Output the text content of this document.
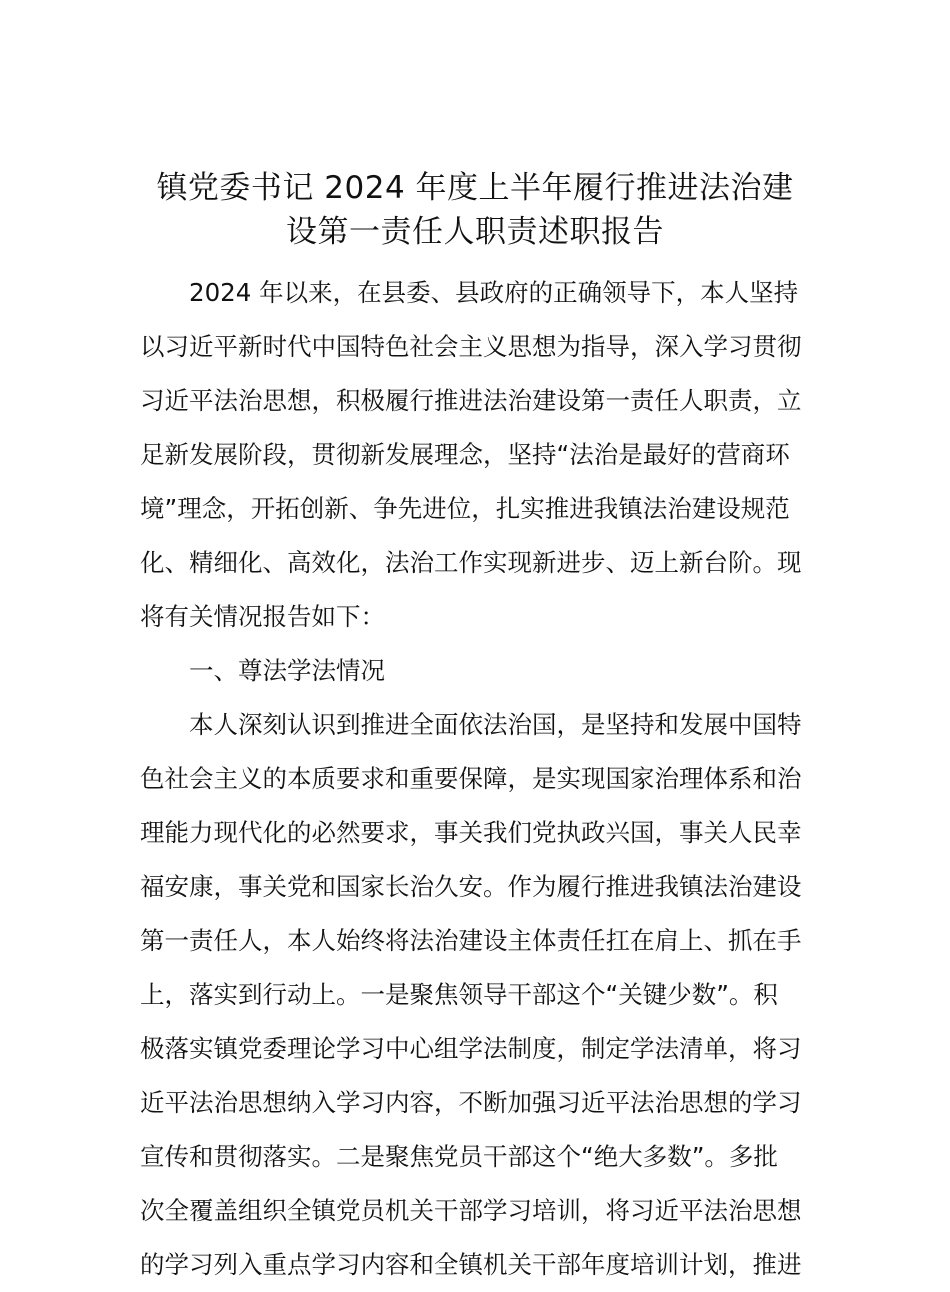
镇党委书记 2024 年度上半年履行推进法治建
设第一责任人职责述职报告
2024 年以来，在县委、县政府的正确领导下，本人坚持
以习近平新时代中国特色社会主义思想为指导，深入学习贯彻
习近平法治思想，积极履行推进法治建设第一责任人职责，立
足新发展阶段，贯彻新发展理念，坚持“法治是最好的营商环
境”理念，开拓创新、争先进位，扎实推进我镇法治建设规范
化、精细化、高效化，法治工作实现新进步、迈上新台阶。现
将有关情况报告如下：
一、尊法学法情况
本人深刻认识到推进全面依法治国，是坚持和发展中国特
色社会主义的本质要求和重要保障，是实现国家治理体系和治
理能力现代化的必然要求，事关我们党执政兴国，事关人民幸
福安康，事关党和国家长治久安。作为履行推进我镇法治建设
第一责任人，本人始终将法治建设主体责任扛在肩上、抓在手
上，落实到行动上。一是聚焦领导干部这个“关键少数”。积
极落实镇党委理论学习中心组学法制度，制定学法清单，将习
近平法治思想纳入学习内容，不断加强习近平法治思想的学习
宣传和贯彻落实。二是聚焦党员干部这个“绝大多数”。多批
次全覆盖组织全镇党员机关干部学习培训，将习近平法治思想
的学习列入重点学习内容和全镇机关干部年度培训计划，推进
